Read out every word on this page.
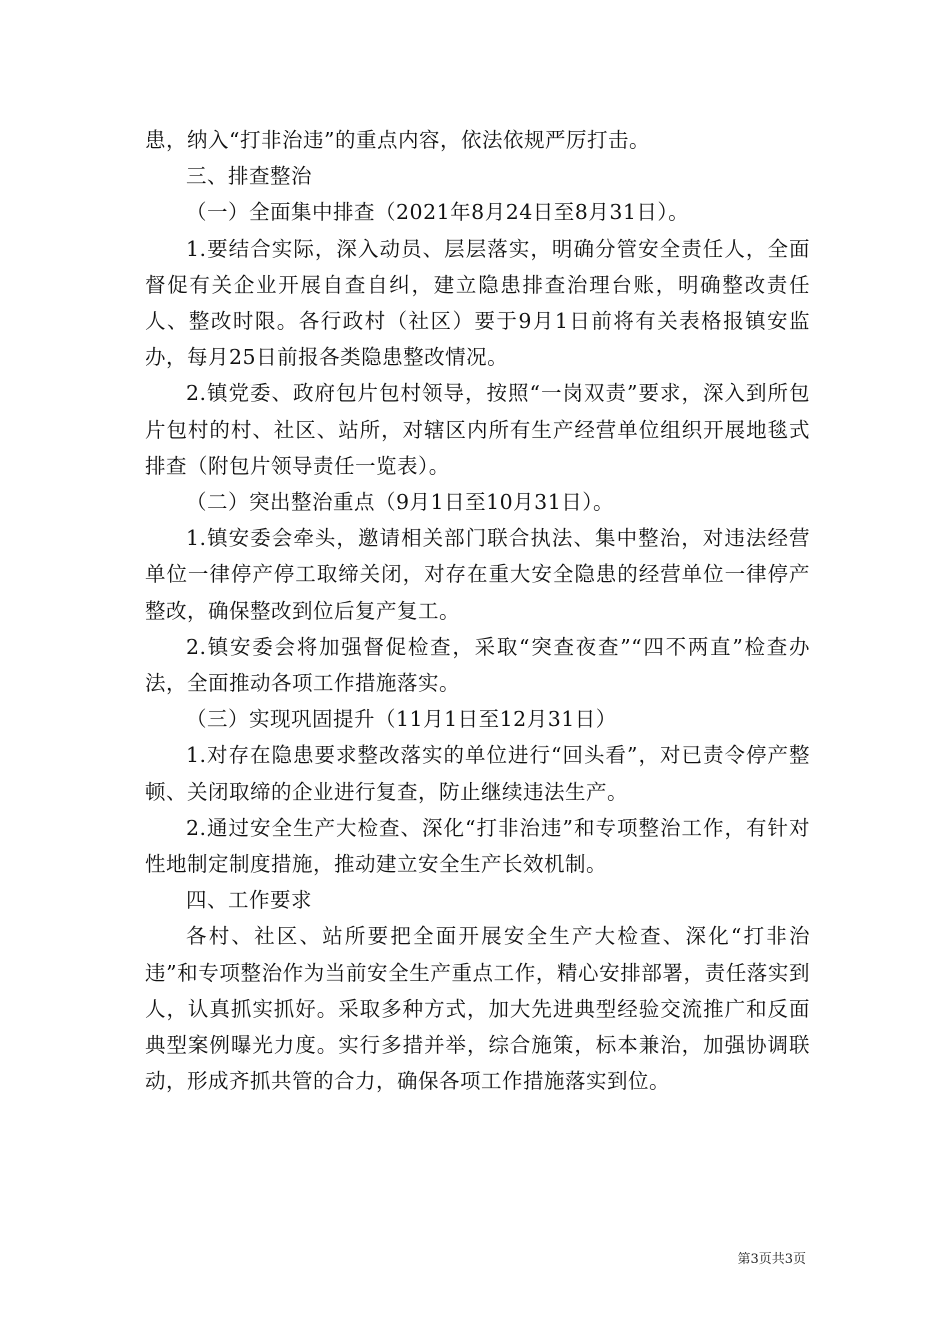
患，纳入“打非治违”的重点内容，依法依规严厉打击。

三、排查整治

（一）全面集中排查（2021年8月24日至8月31日）。

1.要结合实际，深入动员、层层落实，明确分管安全责任人，全面督促有关企业开展自查自纠，建立隐患排查治理台账，明确整改责任人、整改时限。各行政村（社区）要于9月1日前将有关表格报镇安监办，每月25日前报各类隐患整改情况。

2.镇党委、政府包片包村领导，按照“一岗双责”要求，深入到所包片包村的村、社区、站所，对辖区内所有生产经营单位组织开展地毯式排查（附包片领导责任一览表）。

（二）突出整治重点（9月1日至10月31日）。

1.镇安委会牵头，邀请相关部门联合执法、集中整治，对违法经营单位一律停产停工取缔关闭，对存在重大安全隐患的经营单位一律停产整改，确保整改到位后复产复工。

2.镇安委会将加强督促检查，采取“突查夜查”“四不两直”检查办法，全面推动各项工作措施落实。

（三）实现巩固提升（11月1日至12月31日）

1.对存在隐患要求整改落实的单位进行“回头看”，对已责令停产整顿、关闭取缔的企业进行复查，防止继续违法生产。

2.通过安全生产大检查、深化“打非治违”和专项整治工作，有针对性地制定制度措施，推动建立安全生产长效机制。

四、工作要求

各村、社区、站所要把全面开展安全生产大检查、深化“打非治违”和专项整治作为当前安全生产重点工作，精心安排部署，责任落实到人，认真抓实抓好。采取多种方式，加大先进典型经验交流推广和反面典型案例曝光力度。实行多措并举，综合施策，标本兼治，加强协调联动，形成齐抓共管的合力，确保各项工作措施落实到位。

第3页共3页
